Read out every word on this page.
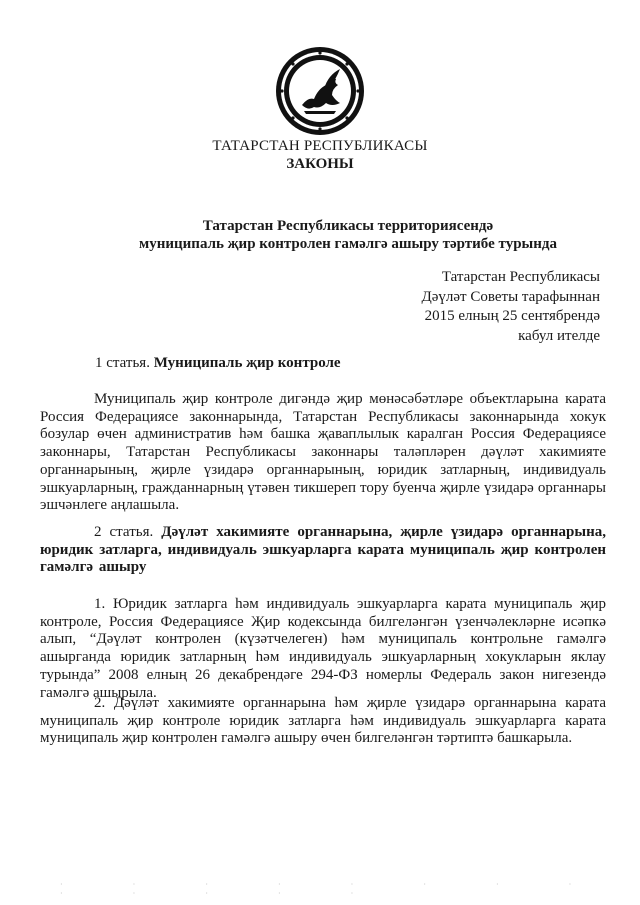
ТАТАРСТАН РЕСПУБЛИКАСЫ
ЗАКОНЫ
Татарстан Республикасы территориясендә
муниципаль җир контролен гамәлгә ашыру тәртибе турында
Татарстан Республикасы
Дәүләт Советы тарафыннан
2015 елның 25 сентябрендә
кабул ителде
1 статья. Муниципаль җир контроле
Муниципаль җир контроле дигәндә җир мөнәсәбәтләре объектларына карата Россия Федерациясе законнарында, Татарстан Республикасы законнарында хокук бозулар өчен административ һәм башка җаваплылык каралган Россия Федерациясе законнары, Татарстан Республикасы законнары таләпләрен дәүләт хакимияте органнарының, җирле үзидарә органнарының, юридик затларның, индивидуаль эшкуарларның, гражданнарның үтәвен тикшереп тору буенча җирле үзидарә органнары эшчәнлеге аңлашыла.
2 статья. Дәүләт хакимияте органнарына, җирле үзидарә органнарына, юридик затларга, индивидуаль эшкуарларга карата муниципаль җир контролен гамәлгә ашыру
1. Юридик затларга һәм индивидуаль эшкуарларга карата муниципаль җир контроле, Россия Федерациясе Җир кодексында билгеләнгән үзенчәлекләрне исәпкә алып, “Дәүләт контролен (күзәтчелеген) һәм муниципаль контрольне гамәлгә ашырганда юридик затларның һәм индивидуаль эшкуарларның хокукларын яклау турында” 2008 елның 26 декабрендәге 294-ФЗ номерлы Федераль закон нигезендә гамәлгә ашырыла.
2. Дәүләт хакимияте органнарына һәм җирле үзидарә органнарына карата муниципаль җир контроле юридик затларга һәм индивидуаль эшкуарларга карата муниципаль җир контролен гамәлгә ашыру өчен билгеләнгән тәртиптә башкарыла.
· · · · · · · · · · · · ·
